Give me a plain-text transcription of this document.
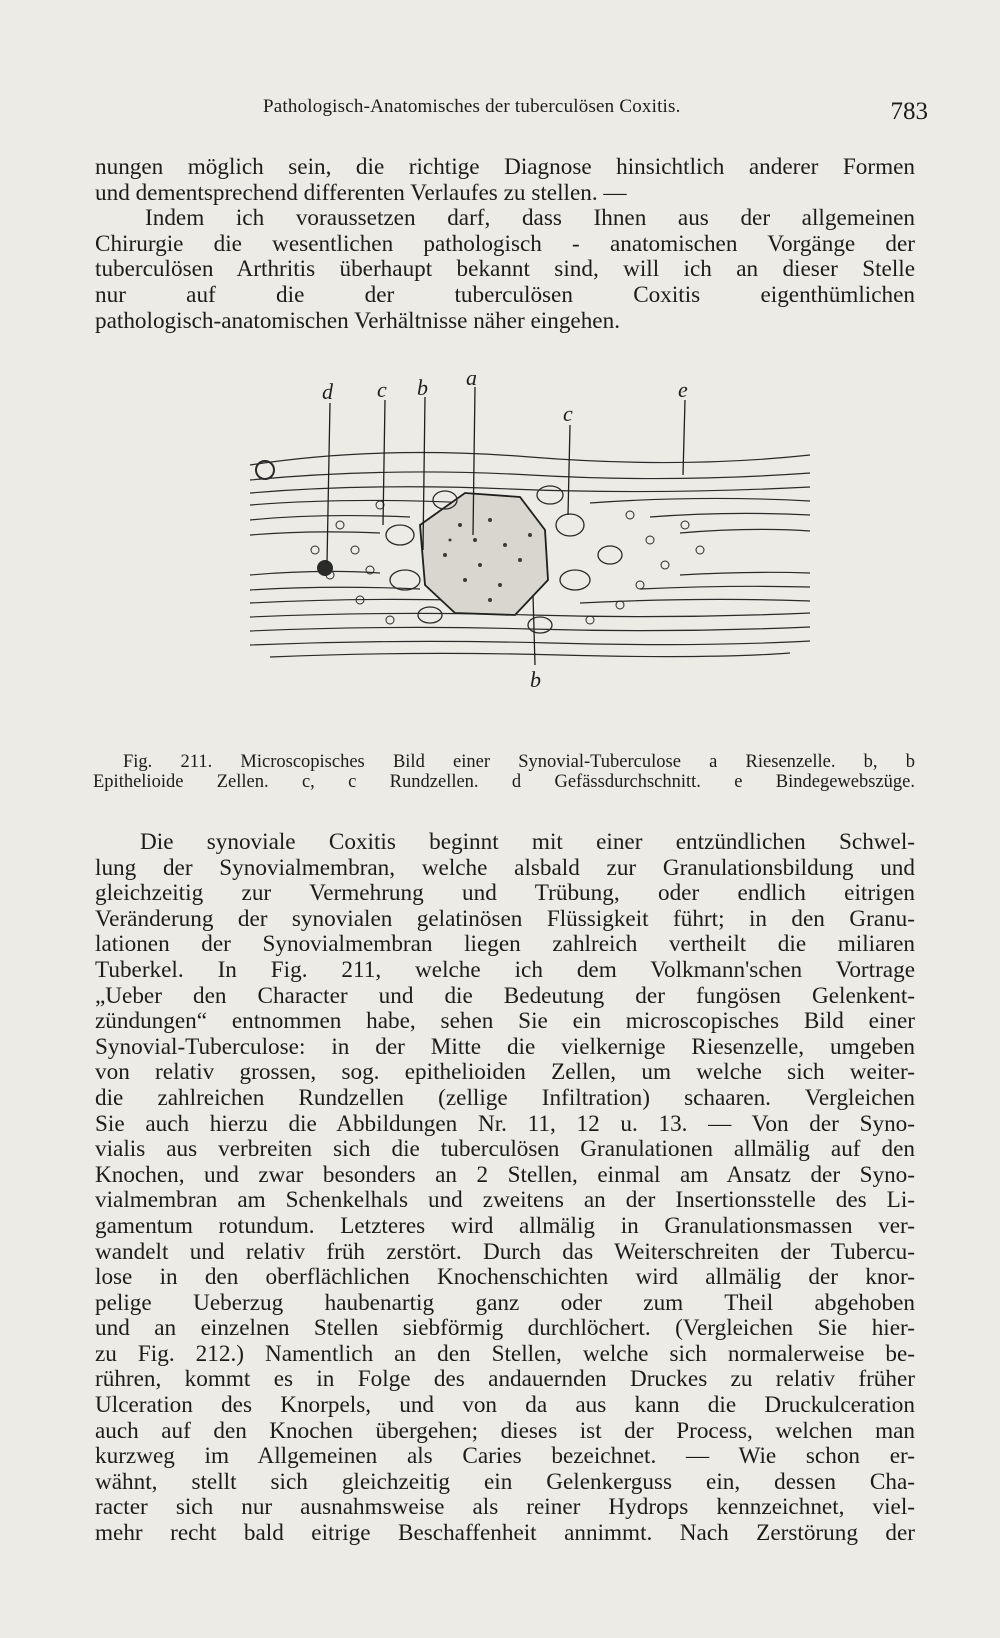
Pathologisch-Anatomisches der tuberculösen Coxitis.	783
nungen möglich sein, die richtige Diagnose hinsichtlich anderer Formen
und dementsprechend differenten Verlaufes zu stellen. —
Indem ich voraussetzen darf, dass Ihnen aus der allgemeinen
Chirurgie die wesentlichen pathologisch - anatomischen Vorgänge der
tuberculösen Arthritis überhaupt bekannt sind, will ich an dieser Stelle
nur auf die der tuberculösen Coxitis eigenthümlichen
pathologisch-anatomischen Verhältnisse näher eingehen.
d c b a
c
e
b
Fig. 211. Microscopisches Bild einer Synovial-Tuberculose a Riesenzelle. b, b
Epithelioide Zellen. c, c Rundzellen. d Gefässdurchschnitt. e Bindegewebszüge.
Die synoviale Coxitis beginnt mit einer entzündlichen Schwel-
lung der Synovialmembran, welche alsbald zur Granulationsbildung und
gleichzeitig zur Vermehrung und Trübung, oder endlich eitrigen
Veränderung der synovialen gelatinösen Flüssigkeit führt; in den Granu-
lationen der Synovialmembran liegen zahlreich vertheilt die miliaren
Tuberkel. In Fig. 211, welche ich dem Volkmann'schen Vortrage
„Ueber den Character und die Bedeutung der fungösen Gelenkent-
zündungen“ entnommen habe, sehen Sie ein microscopisches Bild einer
Synovial-Tuberculose: in der Mitte die vielkernige Riesenzelle, umgeben
von relativ grossen, sog. epithelioiden Zellen, um welche sich weiter-
die zahlreichen Rundzellen (zellige Infiltration) schaaren. Vergleichen
Sie auch hierzu die Abbildungen Nr. 11, 12 u. 13. — Von der Syno-
vialis aus verbreiten sich die tuberculösen Granulationen allmälig auf den
Knochen, und zwar besonders an 2 Stellen, einmal am Ansatz der Syno-
vialmembran am Schenkelhals und zweitens an der Insertionsstelle des Li-
gamentum rotundum. Letzteres wird allmälig in Granulationsmassen ver-
wandelt und relativ früh zerstört. Durch das Weiterschreiten der Tubercu-
lose in den oberflächlichen Knochenschichten wird allmälig der knor-
pelige Ueberzug haubenartig ganz oder zum Theil abgehoben
und an einzelnen Stellen siebförmig durchlöchert. (Vergleichen Sie hier-
zu Fig. 212.) Namentlich an den Stellen, welche sich normalerweise be-
rühren, kommt es in Folge des andauernden Druckes zu relativ früher
Ulceration des Knorpels, und von da aus kann die Druckulceration
auch auf den Knochen übergehen; dieses ist der Process, welchen man
kurzweg im Allgemeinen als Caries bezeichnet. — Wie schon er-
wähnt, stellt sich gleichzeitig ein Gelenkerguss ein, dessen Cha-
racter sich nur ausnahmsweise als reiner Hydrops kennzeichnet, viel-
mehr recht bald eitrige Beschaffenheit annimmt. Nach Zerstörung der
